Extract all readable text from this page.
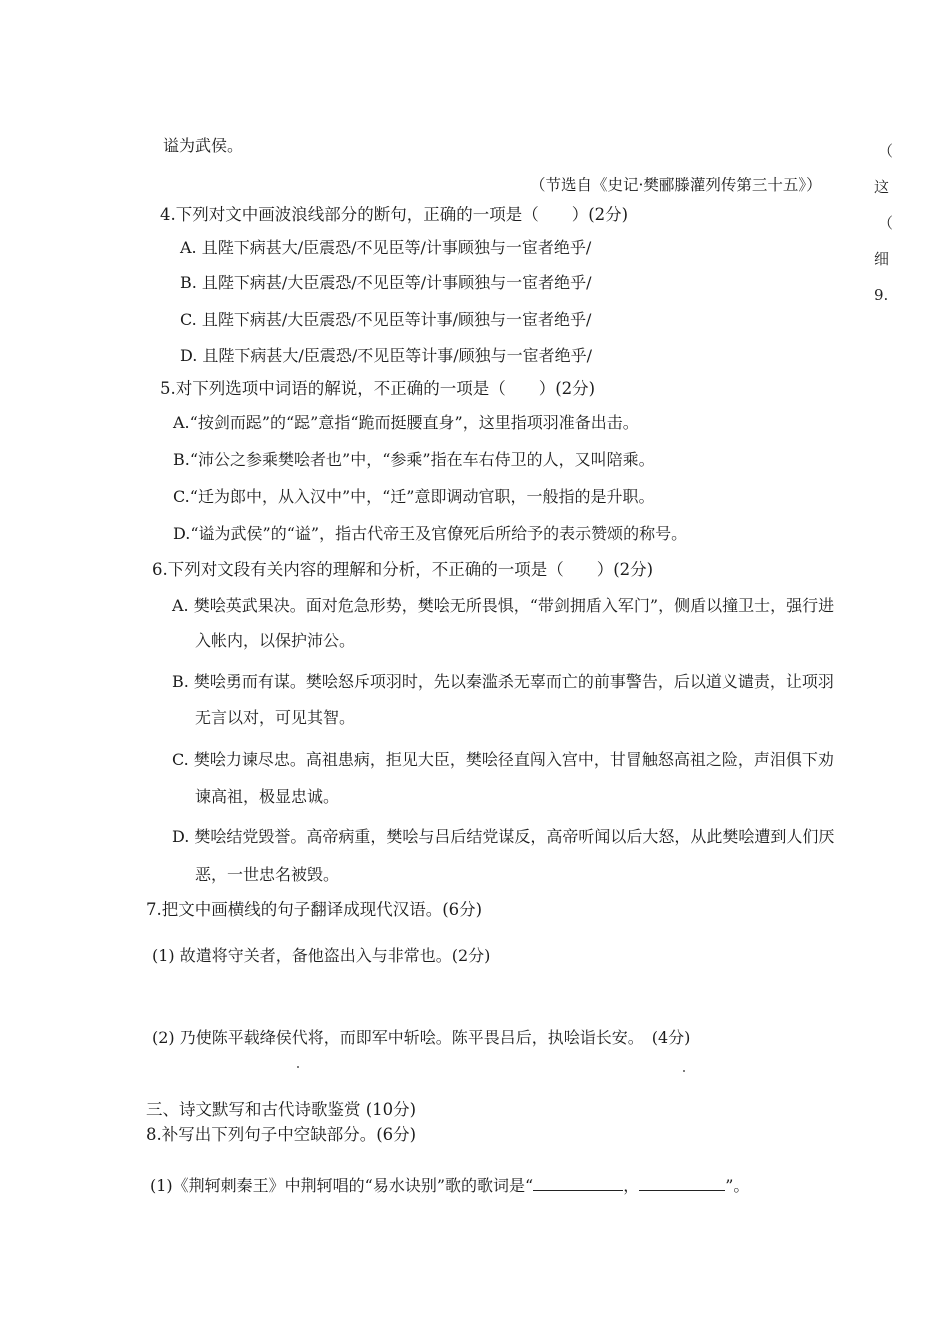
谥为武侯。
（节选自《史记·樊郦滕灌列传第三十五》）
（
这
（
细
9.
4.下列对文中画波浪线部分的断句，正确的一项是（　　）(2分)
A. 且陛下病甚大/臣震恐/不见臣等/计事顾独与一宦者绝乎/
B. 且陛下病甚/大臣震恐/不见臣等/计事顾独与一宦者绝乎/
C. 且陛下病甚/大臣震恐/不见臣等计事/顾独与一宦者绝乎/
D. 且陛下病甚大/臣震恐/不见臣等计事/顾独与一宦者绝乎/
5.对下列选项中词语的解说，不正确的一项是（　　）(2分)
A.“按剑而跽”的“跽”意指“跪而挺腰直身”，这里指项羽准备出击。
B.“沛公之参乘樊哙者也”中，“参乘”指在车右侍卫的人，又叫陪乘。
C.“迁为郎中，从入汉中”中，“迁”意即调动官职，一般指的是升职。
D.“谥为武侯”的“谥”，指古代帝王及官僚死后所给予的表示赞颂的称号。
6.下列对文段有关内容的理解和分析，不正确的一项是（　　）(2分)
A. 樊哙英武果决。面对危急形势，樊哙无所畏惧，“带剑拥盾入军门”，侧盾以撞卫士，强行进
入帐内，以保护沛公。
B. 樊哙勇而有谋。樊哙怒斥项羽时，先以秦滥杀无辜而亡的前事警告，后以道义谴责，让项羽
无言以对，可见其智。
C. 樊哙力谏尽忠。高祖患病，拒见大臣，樊哙径直闯入宫中，甘冒触怒高祖之险，声泪俱下劝
谏高祖，极显忠诚。
D. 樊哙结党毁誉。高帝病重，樊哙与吕后结党谋反，高帝听闻以后大怒，从此樊哙遭到人们厌
恶，一世忠名被毁。
7.把文中画横线的句子翻译成现代汉语。(6分)
(1) 故遣将守关者，备他盗出入与非常也。(2分)
(2) 乃使陈平载绛侯代将，而即军中斩哙。陈平畏吕后，执哙诣长安。　(4分)
三、诗文默写和古代诗歌鉴赏 (10分)
8.补写出下列句子中空缺部分。(6分)
(1)《荆轲刺秦王》中荆轲唱的“易水诀别”歌的歌词是“	，	”。
